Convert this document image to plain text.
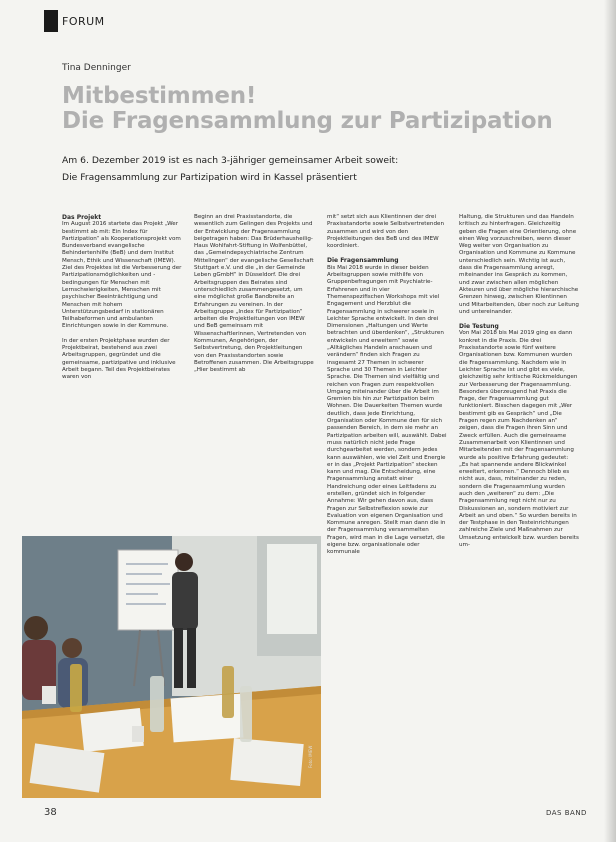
FORUM
Tina Denninger
Mitbestimmen!
Die Fragensammlung zur Partizipation
Am 6. Dezember 2019 ist es nach 3-jähriger gemeinsamer Arbeit soweit:
Die Fragensammlung zur Partizipation wird in Kassel präsentiert
Das Projekt

Im August 2016 startete das Projekt „Wer bestimmt ab mit: Ein Index für Partizipation“ als Kooperationsprojekt vom Bundesverband evangelische Behindertenhilfe (BeB) und dem Institut Mensch, Ethik und Wissenschaft (IMEW). Ziel des Projektes ist die Verbesserung der Partizipationsmöglichkeiten und -bedingungen für Menschen mit Lernschwierigkeiten, Menschen mit psychischer Beeinträchtigung und Menschen mit hohem Unterstützungsbedarf in stationären Teilhabeformen und ambulanten Einrichtungen sowie in der Kommune.

In der ersten Projektphase wurden der Projektbeirat, bestehend aus zwei Arbeitsgruppen, gegründet und die gemeinsame, partizipative und inklusive Arbeit begann. Teil des Projektbeirates waren von

Beginn an drei Praxisstandorte, die wesentlich zum Gelingen des Projekts und der Entwicklung der Fragensammlung beigetragen haben: Das Brüderhausheilig-Haus Wohlfahrt-Stiftung in Wolfenbüttel, das „Gemeindepsychiatrische Zentrum Mittelingen“ der evangelische Gesellschaft Stuttgart e.V. und die „in der Gemeinde Leben gGmbH“ in Düsseldorf. Die drei Arbeitsgruppen des Beirates sind unterschiedlich zusammengesetzt, um eine möglichst große Bandbreite an Erfahrungen zu vereinen. In der Arbeitsgruppe „Index für Partizipation“ arbeiten die Projektleitungen von IMEW und BeB gemeinsam mit Wissenschaftlerinnen, Vertretenden von Kommunen, Angehörigen, der Selbstvertretung, den Projektleitungen von den Praxisstandorten sowie Betroffenen zusammen. Die Arbeitsgruppe „Hier bestimmt ab

mit“ setzt sich aus Klientinnen der drei Praxisstandorte sowie Selbstvertretenden zusammen und wird von den Projektleitungen des BeB und des IMEW koordiniert.

Die Fragensammlung

Bis Mai 2018 wurde in dieser beiden Arbeitsgruppen sowie mithilfe von Gruppenbefragungen mit Psychiatrie-Erfahrenen und in vier Themenspezifischen Workshops mit viel Engagement und Herzblut die Fragensammlung in schwerer sowie in Leichter Sprache entwickelt. In den drei Dimensionen „Haltungen und Werte betrachten und überdenken“, „Strukturen entwickeln und erweitern“ sowie „Alltägliches Handeln anschauen und verändern“ finden sich Fragen zu insgesamt 27 Themen in schwerer Sprache und 30 Themen in Leichter Sprache. Die Themen sind vielfältig und reichen von Fragen zum respektvollen Umgang miteinander über die Arbeit im Gremien bis hin zur Partizipation beim Wohnen. Die Dauerkeiten Themen wurde deutlich, dass jede Einrichtung, Organisation oder Kommune den für sich passenden Bereich, in dem sie mehr an Partizipation arbeiten will, auswählt. Dabei muss natürlich nicht jede Frage durchgearbeitet werden, sondern jedes kann auswählen, wie viel Zeit und Energie er in das „Projekt Partizipation“ stecken kann und mag. Die Entscheidung, eine Fragensammlung anstatt einer Handreichung oder eines Leitfadens zu erstellen, gründet sich in folgender Annahme: Wir gehen davon aus, dass Fragen zur Selbstreflexion sowie zur Evaluation von eigenen Organisation und Kommune anregen. Stellt man dann die in der Fragensammlung versammelten Fragen, wird man in die Lage versetzt, die eigene bzw. organisationale oder kommunale

Haltung, die Strukturen und das Handeln kritisch zu hinterfragen. Gleichzeitig geben die Fragen eine Orientierung, ohne einen Weg vorzuschreiben, wenn dieser Weg weiter von Organisation zu Organisation und Kommune zu Kommune unterschiedlich sein. Wichtig ist auch, dass die Fragensammlung anregt, miteinander ins Gespräch zu kommen, und zwar zwischen allen möglichen Akteuren und über mögliche hierarchische Grenzen hinweg, zwischen Klientinnen und Mitarbeitenden, über noch zur Leitung und untereinander.

Die Testung

Von Mai 2018 bis Mai 2019 ging es dann konkret in die Praxis. Die drei Praxisstandorte sowie fünf weitere Organisationen bzw. Kommunen wurden die Fragensammlung. Nachdem wie in Leichter Sprache ist und gibt es viele, gleichzeitig sehr kritische Rückmeldungen zur Verbesserung der Fragensammlung. Besonders überzeugend hat Praxis die Frage, der Fragensammlung gut funktioniert. Bisschen dagegen mit „Wer bestimmt gib es Gespräch“ und „Die Fragen regen zum Nachdenken an“ zeigen, dass die Fragen ihren Sinn und Zweck erfüllen. Auch die gemeinsame Zusammenarbeit von Klientinnen und Mitarbeitenden mit der Fragensammlung wurde als positive Erfahrung gedeutet: „Es hat spannende andere Blickwinkel erweitert, erkennen.“ Dennoch blieb es nicht aus, dass, miteinander zu reden, sondern die Fragensammlung wurden auch den „weiteren“ zu dem: „Die Fragensammlung regt nicht nur zu Diskussionen an, sondern motiviert zur Arbeit an und oben.“ So wurden bereits in der Testphase in den Testeinrichtungen zahlreiche Ziele und Maßnahmen zur Umsetzung entwickelt bzw. wurden bereits um-

Foto: IMEW
38	DAS BAND
